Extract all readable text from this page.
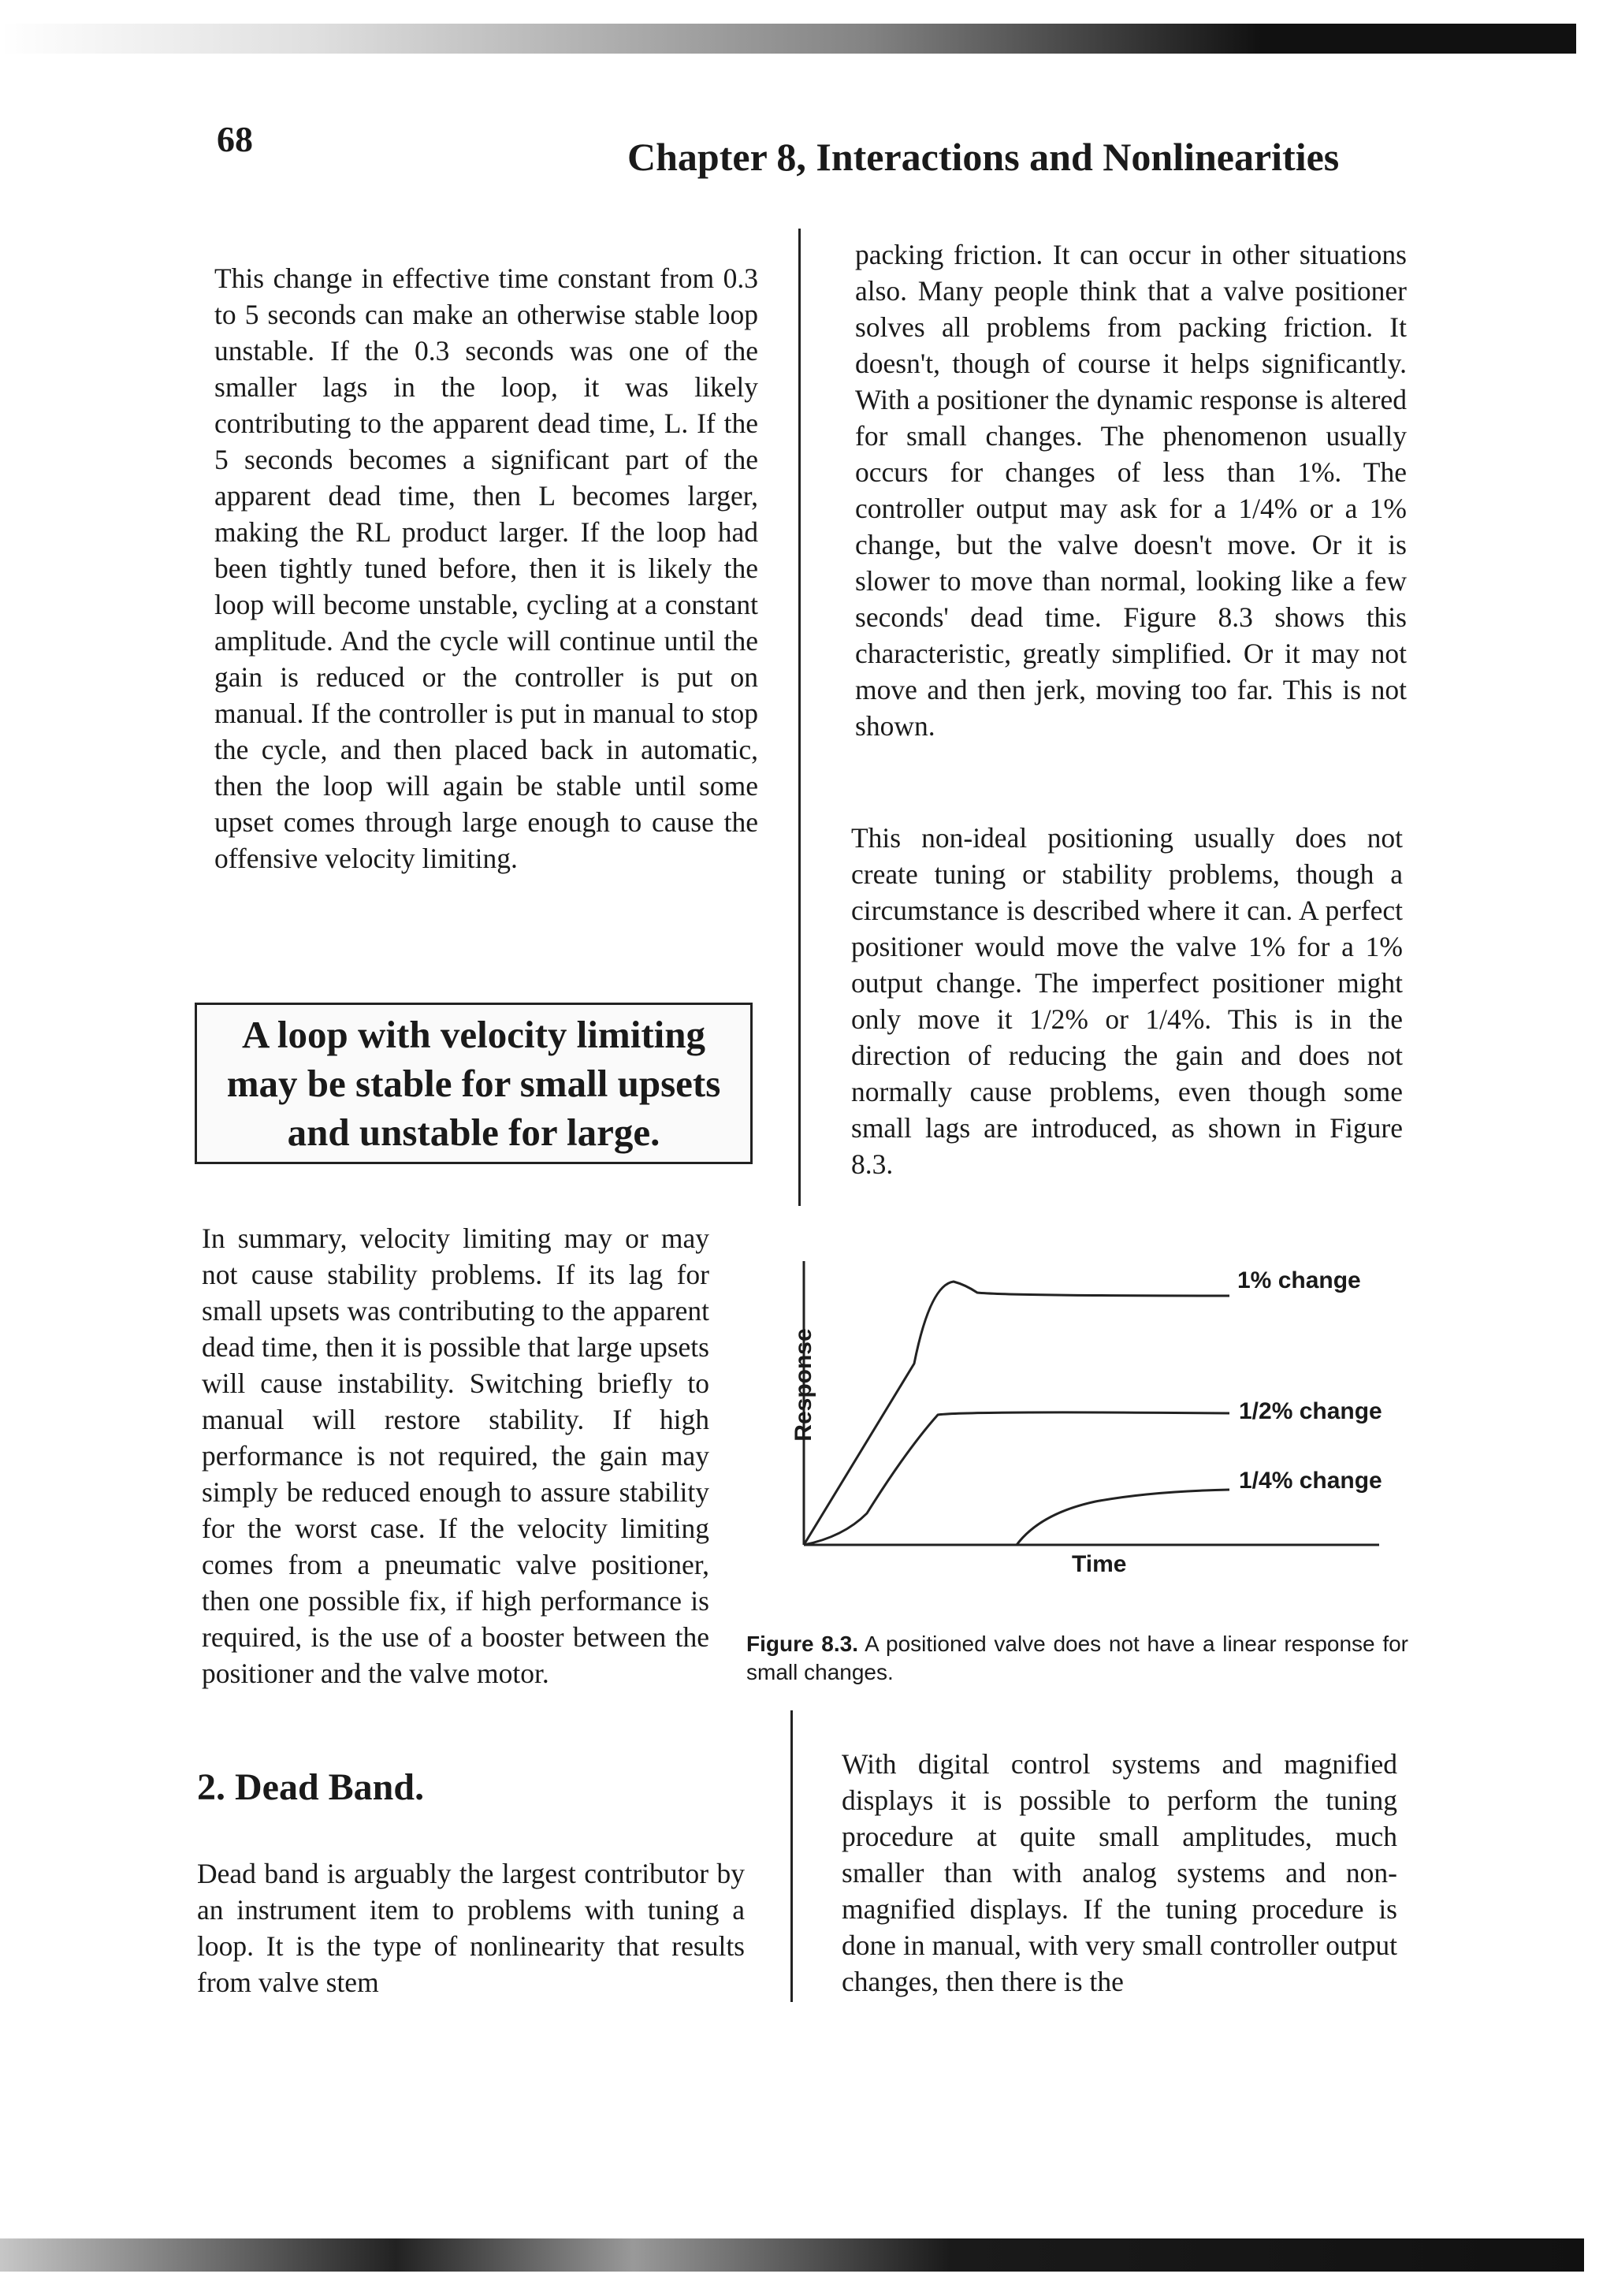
68	Chapter 8, Interactions and Nonlinearities

This change in effective time constant from 0.3 to 5 seconds can make an otherwise stable loop unstable. If the 0.3 seconds was one of the smaller lags in the loop, it was likely contributing to the apparent dead time, L. If the 5 seconds becomes a significant part of the apparent dead time, then L becomes larger, making the RL product larger. If the loop had been tightly tuned before, then it is likely the loop will become unstable, cycling at a constant amplitude. And the cycle will continue until the gain is reduced or the controller is put on manual. If the controller is put in manual to stop the cycle, and then placed back in automatic, then the loop will again be stable until some upset comes through large enough to cause the offensive velocity limiting.

A loop with velocity limiting may be stable for small upsets and unstable for large.

In summary, velocity limiting may or may not cause stability problems. If its lag for small upsets was contributing to the apparent dead time, then it is possible that large upsets will cause instability. Switching briefly to manual will restore stability. If high performance is not required, the gain may simply be reduced enough to assure stability for the worst case. If the velocity limiting comes from a pneumatic valve positioner, then one possible fix, if high performance is required, is the use of a booster between the positioner and the valve motor.

2. Dead Band.

Dead band is arguably the largest contributor by an instrument item to problems with tuning a loop. It is the type of nonlinearity that results from valve stem

packing friction. It can occur in other situations also. Many people think that a valve positioner solves all problems from packing friction. It doesn't, though of course it helps significantly. With a positioner the dynamic response is altered for small changes. The phenomenon usually occurs for changes of less than 1%. The controller output may ask for a 1/4% or a 1% change, but the valve doesn't move. Or it is slower to move than normal, looking like a few seconds' dead time. Figure 8.3 shows this characteristic, greatly simplified. Or it may not move and then jerk, moving too far. This is not shown.

This non-ideal positioning usually does not create tuning or stability problems, though a circumstance is described where it can. A perfect positioner would move the valve 1% for a 1% output change. The imperfect positioner might only move it 1/2% or 1/4%. This is in the direction of reducing the gain and does not normally cause problems, even though some small lags are introduced, as shown in Figure 8.3.

Response
Time
1% change
1/2% change
1/4% change
Figure 8.3. A positioned valve does not have a linear response for small changes.

With digital control systems and magnified displays it is possible to perform the tuning procedure at quite small amplitudes, much smaller than with analog systems and non-magnified displays. If the tuning procedure is done in manual, with very small controller output changes, then there is the
